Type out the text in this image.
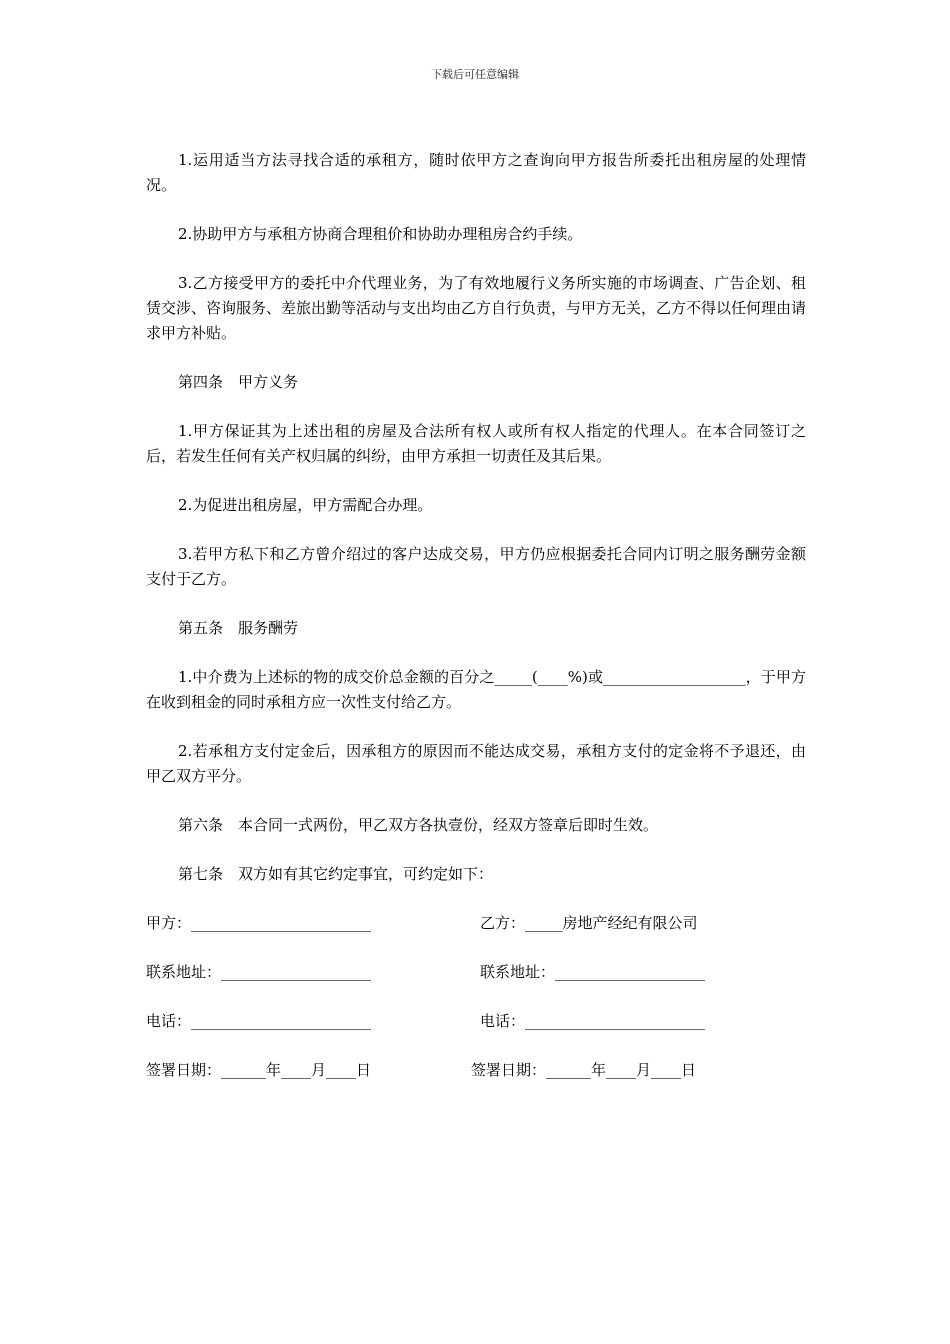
下载后可任意编辑

1.运用适当方法寻找合适的承租方，随时依甲方之查询向甲方报告所委托出租房屋的处理情况。

2.协助甲方与承租方协商合理租价和协助办理租房合约手续。

3.乙方接受甲方的委托中介代理业务，为了有效地履行义务所实施的市场调查、广告企划、租赁交涉、咨询服务、差旅出勤等活动与支出均由乙方自行负责，与甲方无关，乙方不得以任何理由请求甲方补贴。

第四条　甲方义务

1.甲方保证其为上述出租的房屋及合法所有权人或所有权人指定的代理人。在本合同签订之后，若发生任何有关产权归属的纠纷，由甲方承担一切责任及其后果。

2.为促进出租房屋，甲方需配合办理。

3.若甲方私下和乙方曾介绍过的客户达成交易，甲方仍应根据委托合同内订明之服务酬劳金额支付于乙方。

第五条　服务酬劳

1.中介费为上述标的物的成交价总金额的百分之_____(____%)或___________________，于甲方在收到租金的同时承租方应一次性支付给乙方。

2.若承租方支付定金后，因承租方的原因而不能达成交易，承租方支付的定金将不予退还，由甲乙双方平分。

第六条　本合同一式两份，甲乙双方各执壹份，经双方签章后即时生效。

第七条　双方如有其它约定事宜，可约定如下：

甲方：________________________	乙方：_____房地产经纪有限公司
联系地址：____________________	联系地址：____________________
电话：________________________	电话：________________________
签署日期：______年____月____日	签署日期：______年____月____日
